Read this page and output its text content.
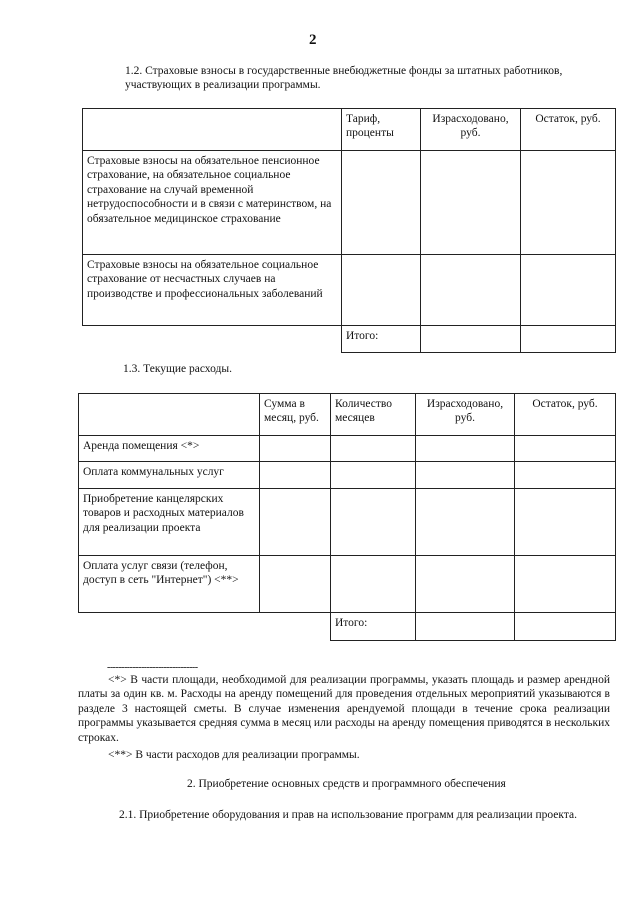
2
1.2. Страховые взносы в государственные внебюджетные фонды за штатных работников, участвующих в реализации программы.
	Тариф, проценты	Израсходовано, руб.	Остаток, руб.
Страховые взносы на обязательное пенсионное страхование, на обязательное социальное страхование на случай временной нетрудоспособности и в связи с материнством, на обязательное медицинское страхование			
Страховые взносы на обязательное социальное страхование от несчастных случаев на производстве и профессиональных заболеваний			
	Итого:		
1.3. Текущие расходы.
	Сумма в месяц, руб.	Количество месяцев	Израсходовано, руб.	Остаток, руб.
Аренда помещения <*>				
Оплата коммунальных услуг				
Приобретение канцелярских товаров и расходных материалов для реализации проекта				
Оплата услуг связи (телефон, доступ в сеть "Интернет") <**>				
		Итого:		
--------------------------------
<*> В части площади, необходимой для реализации программы, указать площадь и размер арендной платы за один кв. м. Расходы на аренду помещений для проведения отдельных мероприятий указываются в разделе 3 настоящей сметы. В случае изменения арендуемой площади в течение срока реализации программы указывается средняя сумма в месяц или расходы на аренду помещения приводятся в нескольких строках.
<**> В части расходов для реализации программы.
2. Приобретение основных средств и программного обеспечения
2.1. Приобретение оборудования и прав на использование программ для реализации проекта.
